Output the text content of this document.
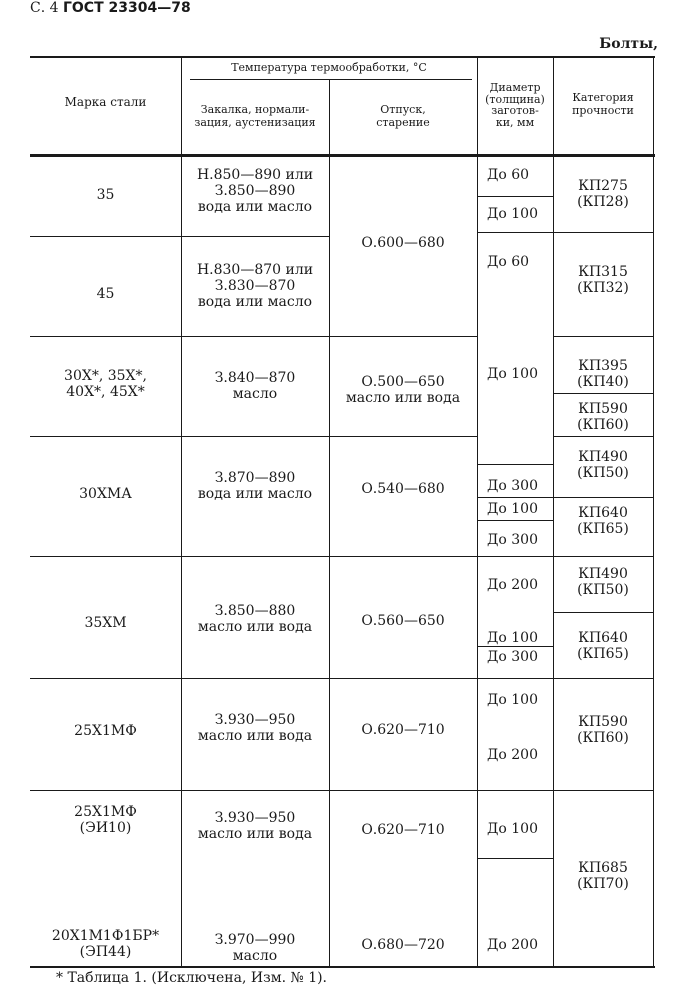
С. 4 ГОСТ 23304—78
Болты,
Марка стали
Температура термообработки, °С
Закалка, нормали-
зация, аустенизация
Отпуск,
старение
Диаметр
(толщина)
заготов-
ки, мм
Категория
прочности
35
45
30Х*, 35Х*,
40Х*, 45Х*
30ХМА
35ХМ
25Х1МФ
25Х1МФ
(ЭИ10)
20Х1М1Ф1БР*
(ЭП44)
Н.850—890 или
З.850—890
вода или масло
Н.830—870 или
З.830—870
вода или масло
З.840—870
масло
З.870—890
вода или масло
З.850—880
масло или вода
З.930—950
масло или вода
З.930—950
масло или вода
З.970—990
масло
О.600—680
О.500—650
масло или вода
О.540—680
О.560—650
О.620—710
О.620—710
О.680—720
До 60
До 100
До 60
До 100
До 300
До 100
До 300
До 200
До 100
До 300
До 100
До 200
До 100
До 200
КП275
(КП28)
КП315
(КП32)
КП395
(КП40)
КП590
(КП60)
КП490
(КП50)
КП640
(КП65)
КП490
(КП50)
КП640
(КП65)
КП590
(КП60)
КП685
(КП70)
* Таблица 1. (Исключена, Изм. № 1).
